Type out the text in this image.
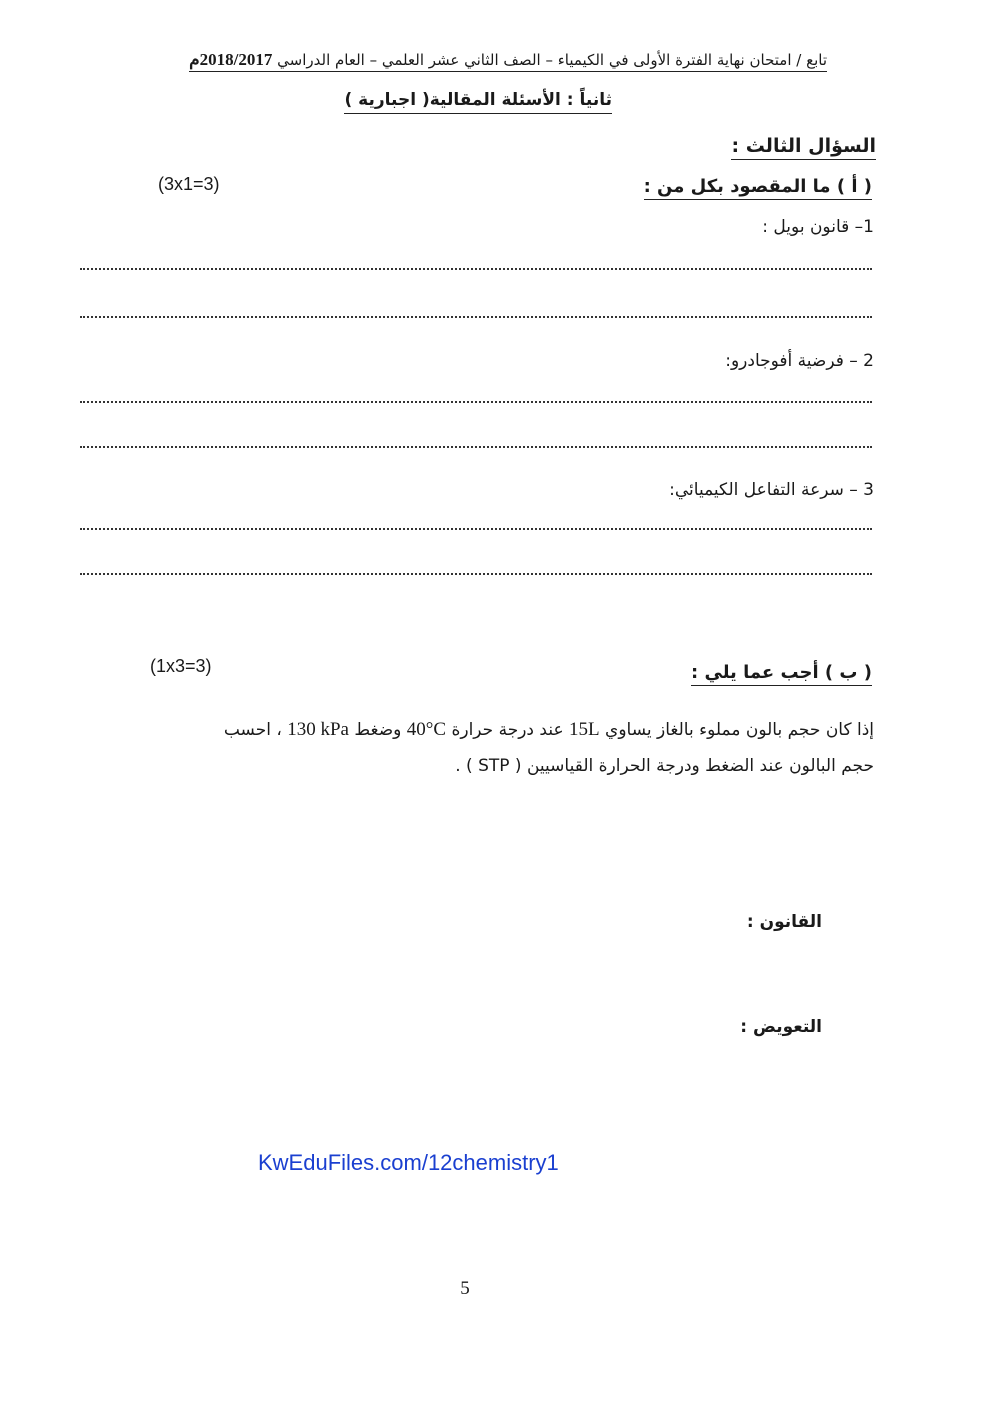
تابع / امتحان نهاية الفترة الأولى في الكيمياء – الصف الثاني عشر العلمي – العام الدراسي 2018/2017م
ثانياً : الأسئلة المقالية( اجبارية )
السؤال الثالث :
( أ ) ما المقصود بكل من :
(3x1=3)
1– قانون بويل :
2 – فرضية أفوجادرو:
3 – سرعة التفاعل الكيميائي:
( ب ) أجب عما يلي :
(1x3=3)
إذا كان حجم بالون مملوء بالغاز يساوي 15L عند درجة حرارة 40°C وضغط 130 kPa ، احسب
حجم البالون عند الضغط ودرجة الحرارة القياسيين ( STP ) .
القانون :
التعويض :
KwEduFiles.com/12chemistry1
5
